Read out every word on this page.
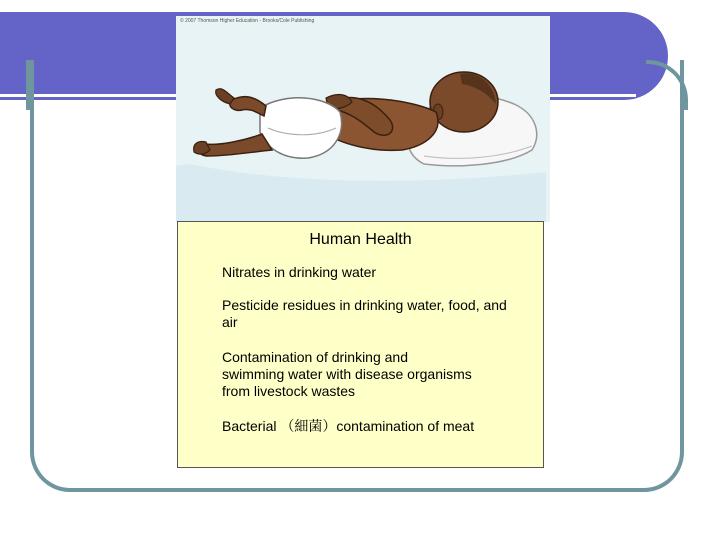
© 2007 Thomson Higher Education - Brooks/Cole Publishing
Human Health
Nitrates in drinking water
Pesticide residues in drinking water, food, and air
Contamination of drinking and swimming water with disease organisms from livestock wastes
Bacterial （細菌）contamination of meat
